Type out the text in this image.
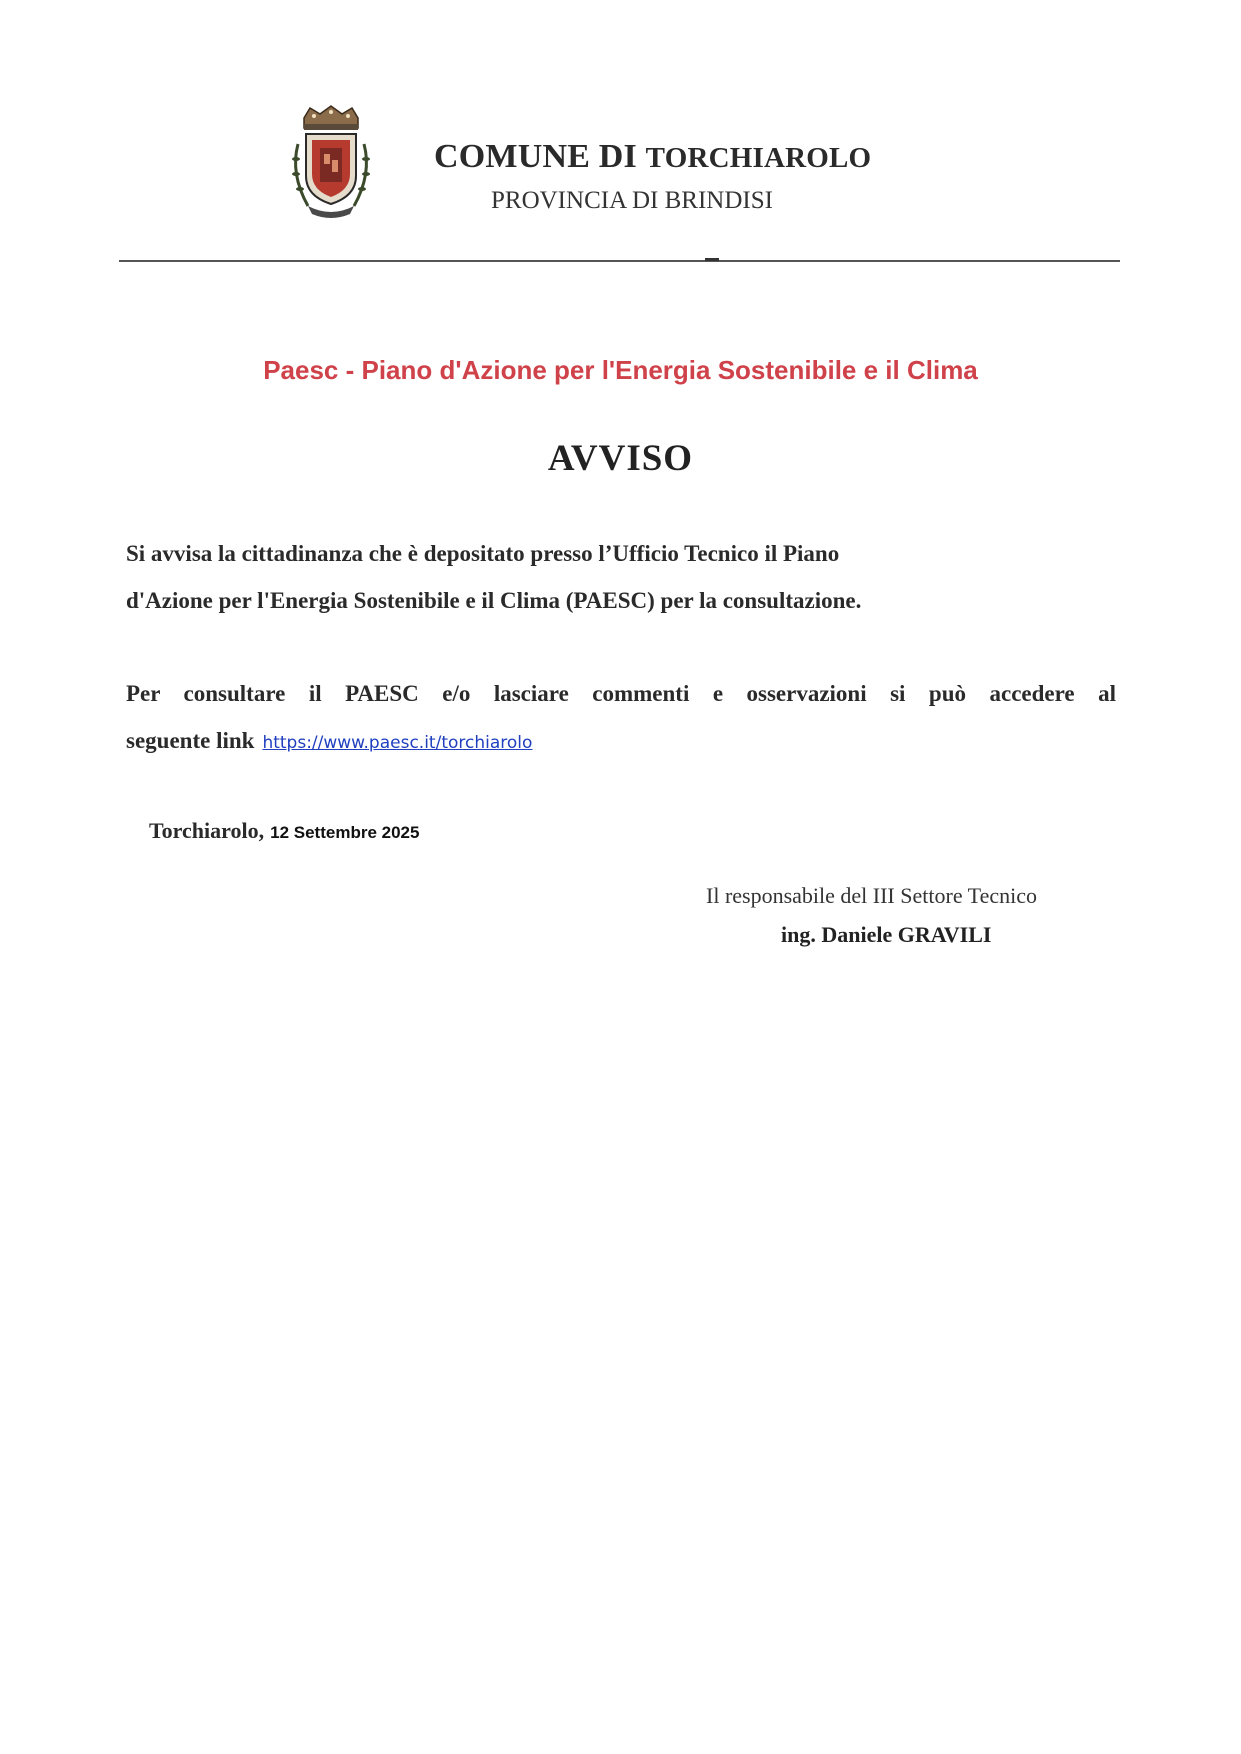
COMUNE DI TORCHIAROLO
PROVINCIA DI BRINDISI
Paesc - Piano d'Azione per l'Energia Sostenibile e il Clima
AVVISO
Si avvisa la cittadinanza che è depositato presso l’Ufficio Tecnico il Piano
d'Azione per l'Energia Sostenibile e il Clima (PAESC) per la consultazione.
Per consultare il PAESC e/o lasciare commenti e osservazioni si può accedere al
seguente link https://www.paesc.it/torchiarolo
Torchiarolo, 12 Settembre 2025
Il responsabile del III Settore Tecnico
ing. Daniele GRAVILI
